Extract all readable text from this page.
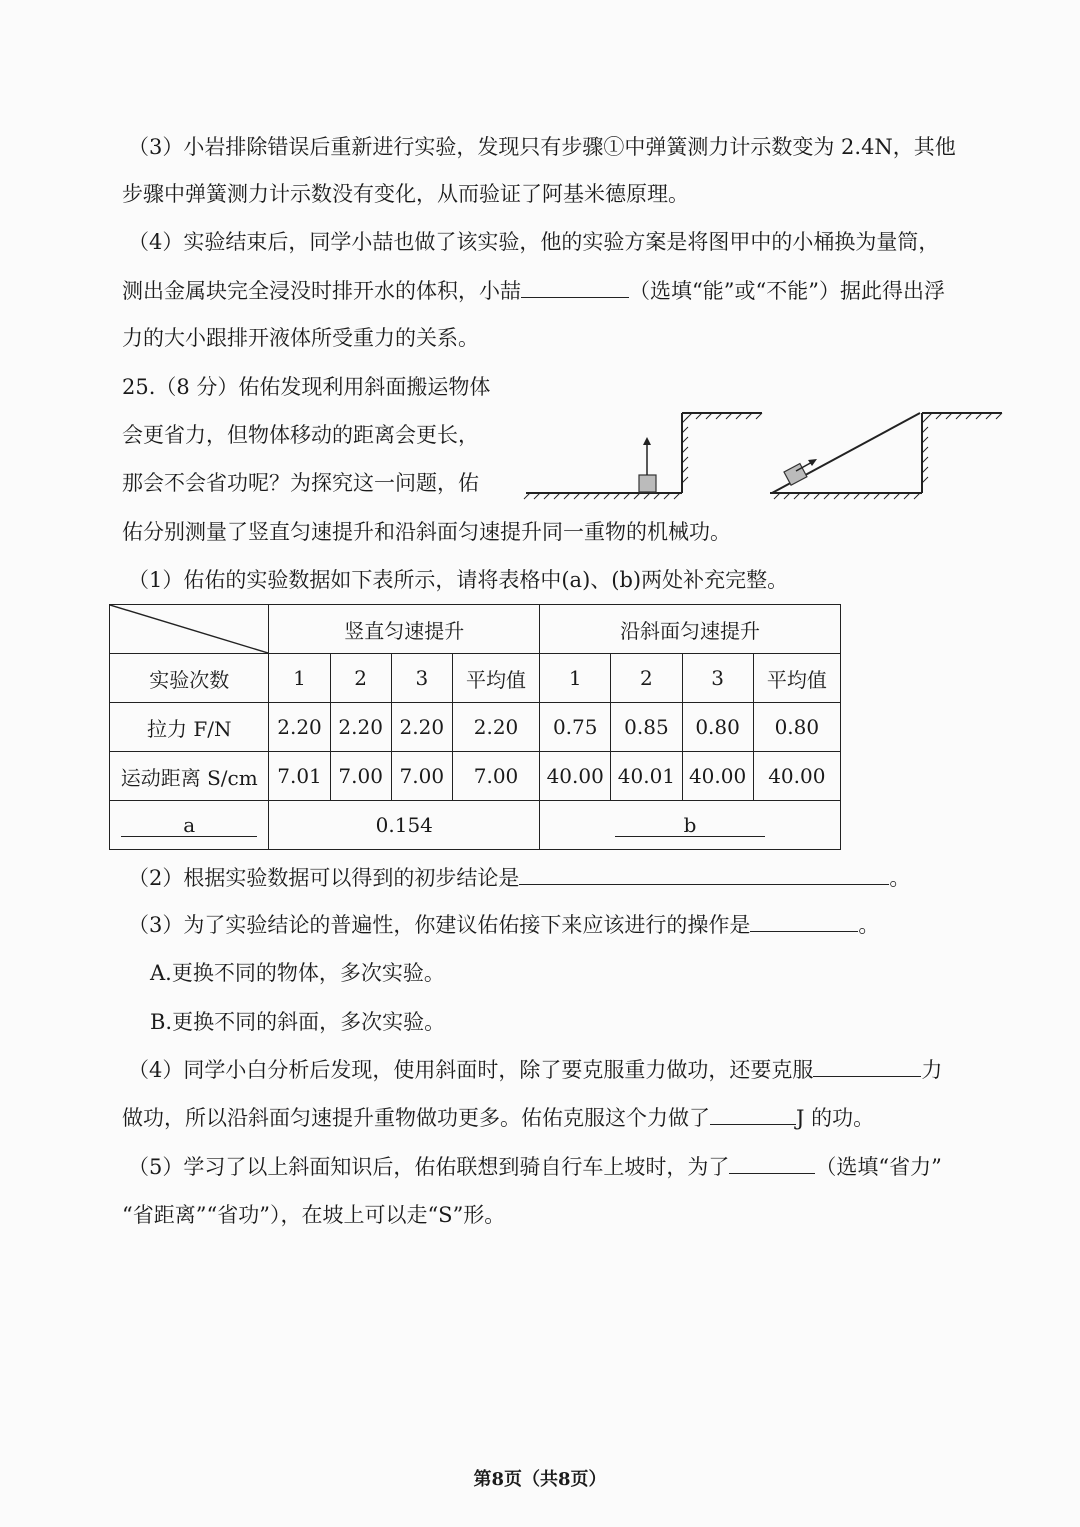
（3）小岩排除错误后重新进行实验，发现只有步骤①中弹簧测力计示数变为 2.4N，其他
步骤中弹簧测力计示数没有变化，从而验证了阿基米德原理。
（4）实验结束后，同学小喆也做了该实验，他的实验方案是将图甲中的小桶换为量筒，
测出金属块完全浸没时排开水的体积，小喆	（选填“能”或“不能”）据此得出浮
力的大小跟排开液体所受重力的关系。
25.（8 分）佑佑发现利用斜面搬运物体
会更省力，但物体移动的距离会更长，
那会不会省功呢？为探究这一问题，佑
佑分别测量了竖直匀速提升和沿斜面匀速提升同一重物的机械功。
（1）佑佑的实验数据如下表所示，请将表格中(a)、(b)两处补充完整。
	竖直匀速提升				沿斜面匀速提升			
实验次数	1	2	3	平均值	1	2	3	平均值
拉力 F/N	2.20	2.20	2.20	2.20	0.75	0.85	0.80	0.80
运动距离 S/cm	7.01	7.00	7.00	7.00	40.00	40.01	40.00	40.00
a	0.154				b			
（2）根据实验数据可以得到的初步结论是	。
（3）为了实验结论的普遍性，你建议佑佑接下来应该进行的操作是	。
A.更换不同的物体，多次实验。
B.更换不同的斜面，多次实验。
（4）同学小白分析后发现，使用斜面时，除了要克服重力做功，还要克服	力
做功，所以沿斜面匀速提升重物做功更多。佑佑克服这个力做了	J 的功。
（5）学习了以上斜面知识后，佑佑联想到骑自行车上坡时，为了	（选填“省力”
“省距离”“省功”），在坡上可以走“S”形。
第8页（共8页）
